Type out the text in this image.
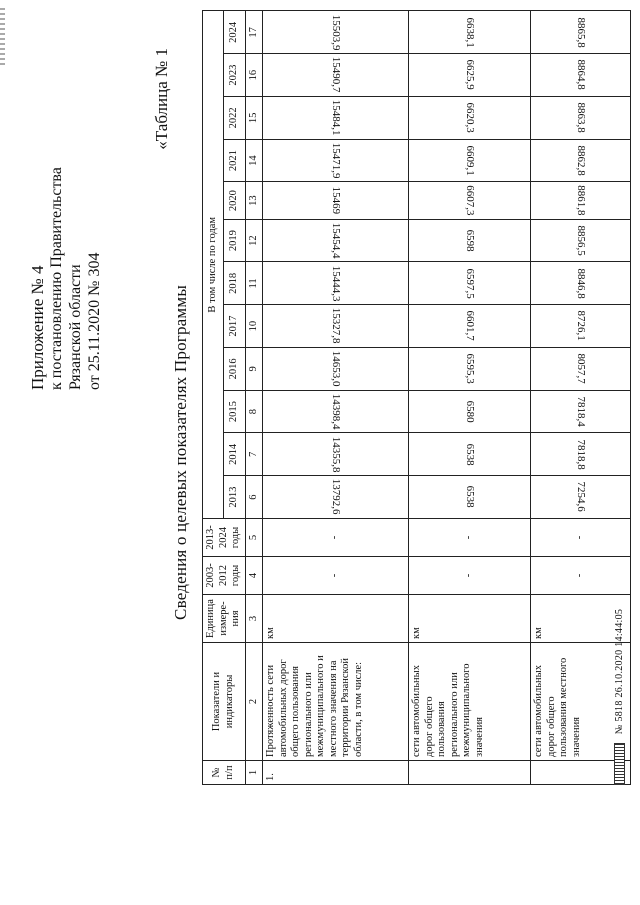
Приложение № 4 к постановлению Правительства Рязанской области от 25.11.2020 № 304
«Таблица № 1
Сведения о целевых показателях Программы
№ п/п	Показатели и индикаторы	Единица измере-ния	2003-2012 годы	2013-2024 годы	В том числе по годам											
					2013	2014	2015	2016	2017	2018	2019	2020	2021	2022	2023	2024
1	2	3	4	5	6	7	8	9	10	11	12	13	14	15	16	17
1.	Протяженность сети автомобильных дорог общего пользования регионального или межмуниципального и местного значения на территории Рязанской области, в том числе:	км	-	-	13792,6	14355,8	14398,4	14653,0	15327,8	15444,3	15454,4	15469	15471,9	15484,1	15490,7	15503,9
	сети автомобильных дорог общего пользования регионального или межмуниципального значения	км	-	-	6538	6538	6580	6595,3	6601,7	6597,5	6598	6607,3	6609,1	6620,3	6625,9	6638,1
	сети автомобильных дорог общего пользования местного значения	км	-	-	7254,6	7818,8	7818,4	8057,7	8726,1	8846,8	8856,5	8861,8	8862,8	8863,8	8864,8	8865,8
№ 5818 26.10.2020 14:44:05
